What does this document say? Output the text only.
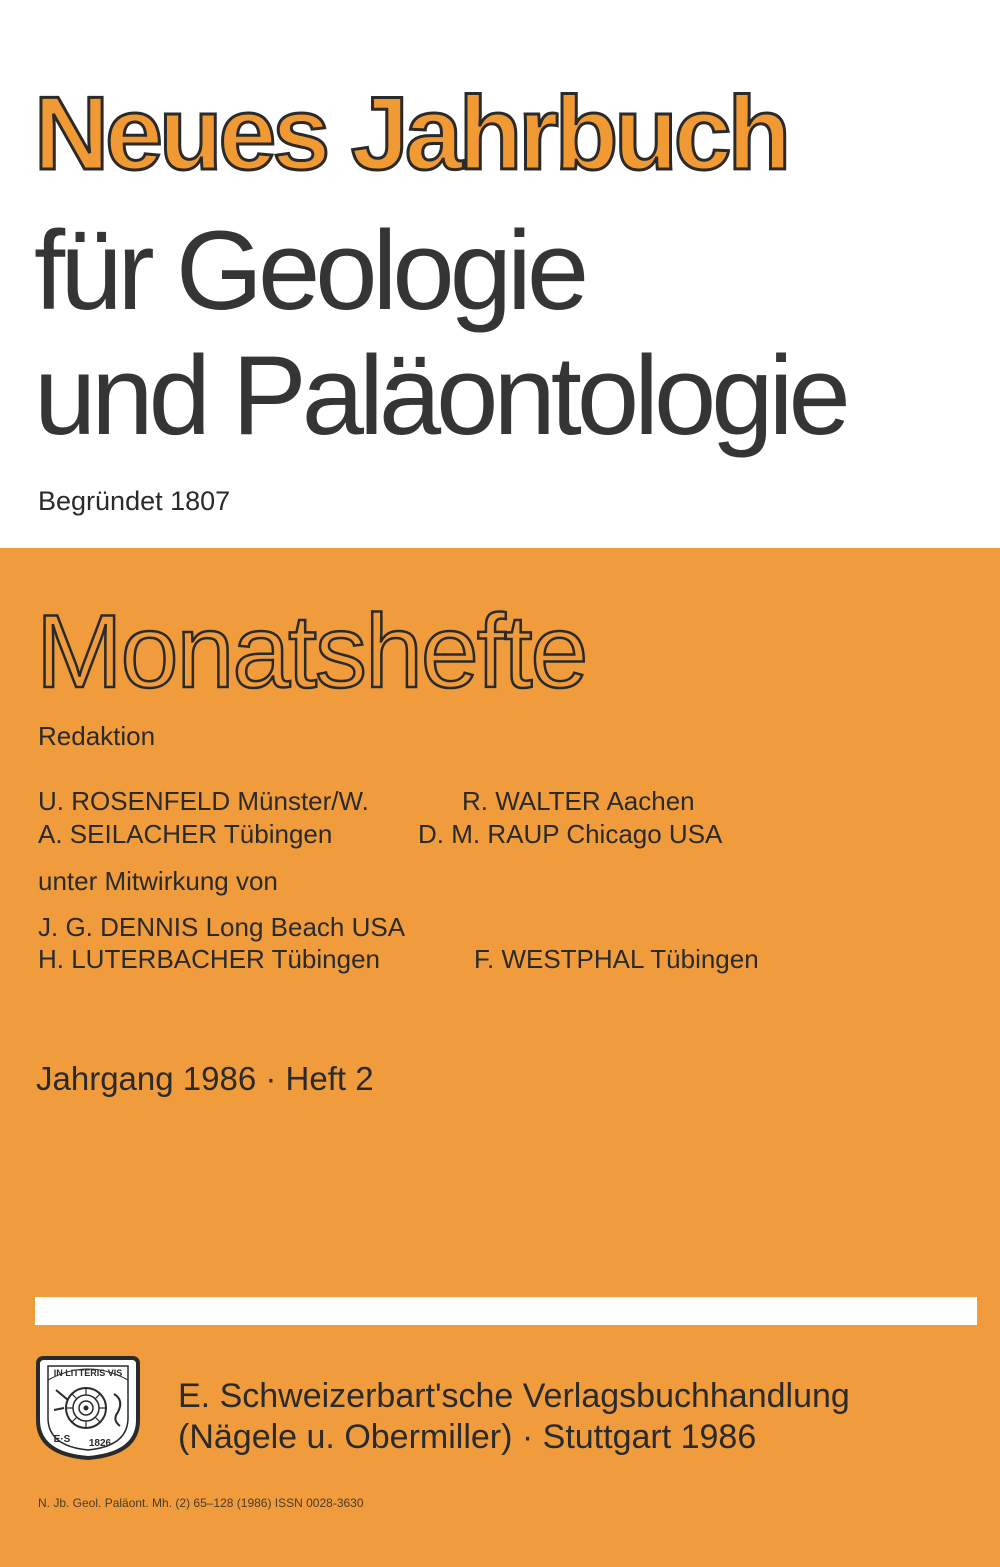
Neues Jahrbuch
für Geologie
und Paläontologie
Begründet 1807
Monatshefte
Redaktion
U. ROSENFELD Münster/W.	R. WALTER Aachen
A. SEILACHER Tübingen	D. M. RAUP Chicago USA
unter Mitwirkung von
J. G. DENNIS Long Beach USA
H. LUTERBACHER Tübingen	F. WESTPHAL Tübingen
Jahrgang 1986 · Heft 2
IN LITTERIS VIS
E·S 1826
E. Schweizerbart'sche Verlagsbuchhandlung
(Nägele u. Obermiller) · Stuttgart 1986
N. Jb. Geol. Paläont. Mh. (2) 65–128 (1986) ISSN 0028-3630
